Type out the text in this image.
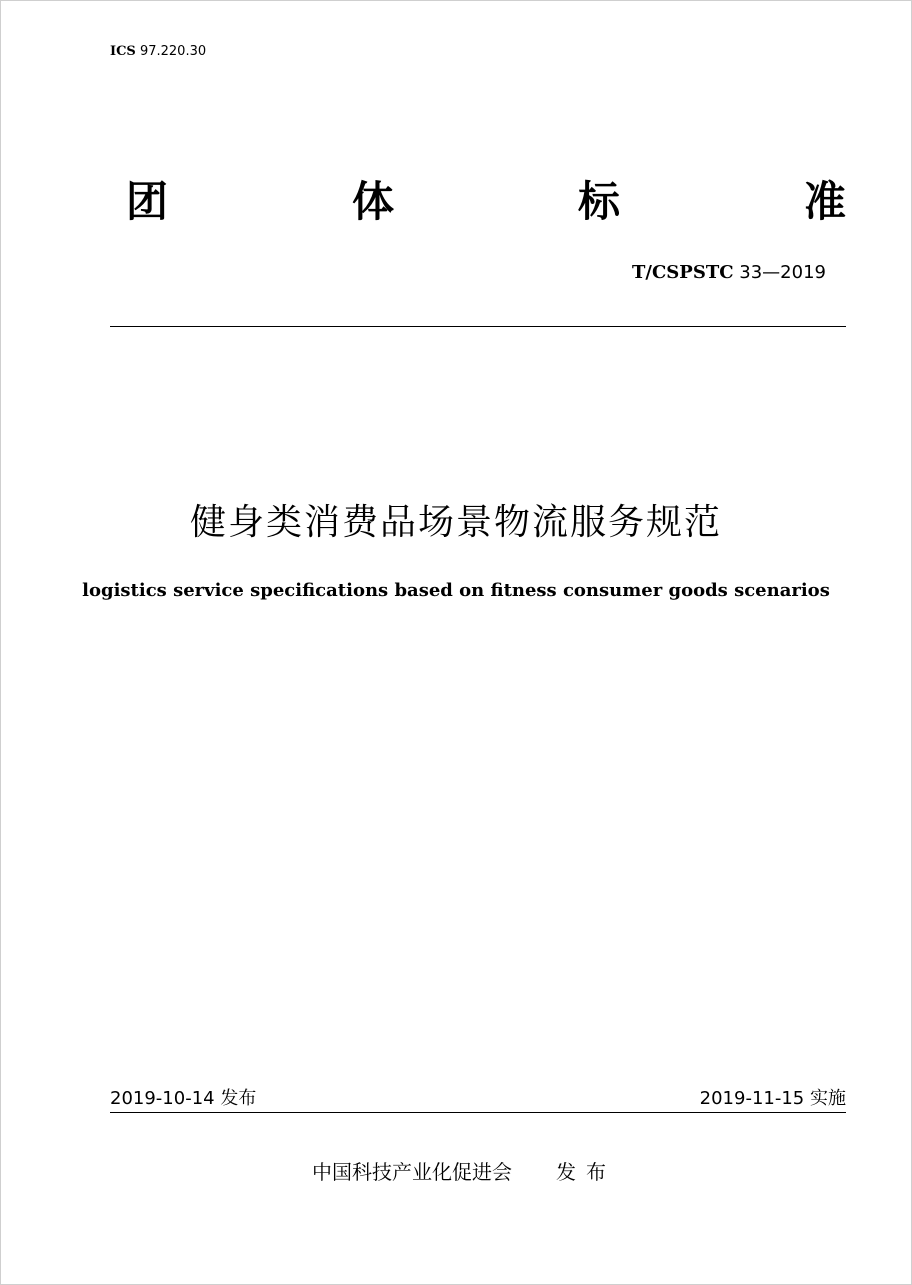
ICS 97.220.30
团	体	标	准
T/CSPSTC 33—2019
健身类消费品场景物流服务规范
logistics service specifications based on fitness consumer goods scenarios
2019-10-14 发布	2019-11-15 实施
中国科技产业化促进会 发布
